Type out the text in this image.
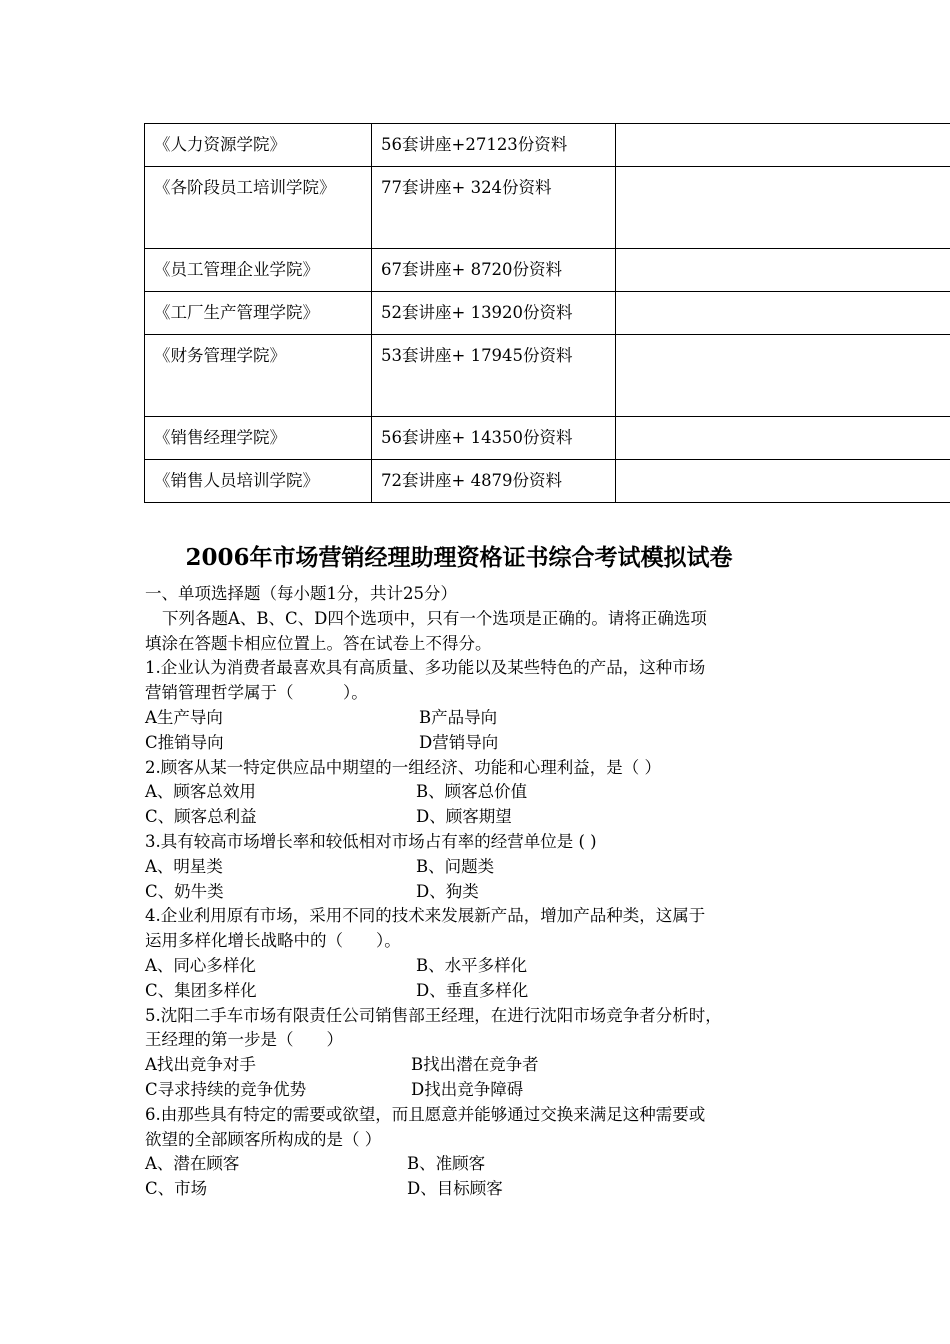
《人力资源学院》	56套讲座+27123份资料	
《各阶段员工培训学院》	77套讲座+ 324份资料	
《员工管理企业学院》	67套讲座+ 8720份资料	
《工厂生产管理学院》	52套讲座+ 13920份资料	
《财务管理学院》	53套讲座+ 17945份资料	
《销售经理学院》	56套讲座+ 14350份资料	
《销售人员培训学院》	72套讲座+ 4879份资料	
2006年市场营销经理助理资格证书综合考试模拟试卷
一、单项选择题（每小题1分，共计25分）
下列各题A、B、C、D四个选项中，只有一个选项是正确的。请将正确选项
填涂在答题卡相应位置上。答在试卷上不得分。
1.企业认为消费者最喜欢具有高质量、多功能以及某些特色的产品，这种市场
营销管理哲学属于（　　　）。
A生产导向	B产品导向
C推销导向	D营销导向
2.顾客从某一特定供应品中期望的一组经济、功能和心理利益，是（ ）
A、顾客总效用	B、顾客总价值
C、顾客总利益	D、顾客期望
3.具有较高市场增长率和较低相对市场占有率的经营单位是 ( )
A、明星类	B、问题类
C、奶牛类	D、狗类
4.企业利用原有市场，采用不同的技术来发展新产品，增加产品种类，这属于
运用多样化增长战略中的（　　）。
A、同心多样化	B、水平多样化
C、集团多样化	D、垂直多样化
5.沈阳二手车市场有限责任公司销售部王经理，在进行沈阳市场竞争者分析时，
王经理的第一步是（　　）
A找出竞争对手	B找出潜在竞争者
C寻求持续的竞争优势	D找出竞争障碍
6.由那些具有特定的需要或欲望，而且愿意并能够通过交换来满足这种需要或
欲望的全部顾客所构成的是（ ）
A、潜在顾客	B、准顾客
C、市场	D、目标顾客
